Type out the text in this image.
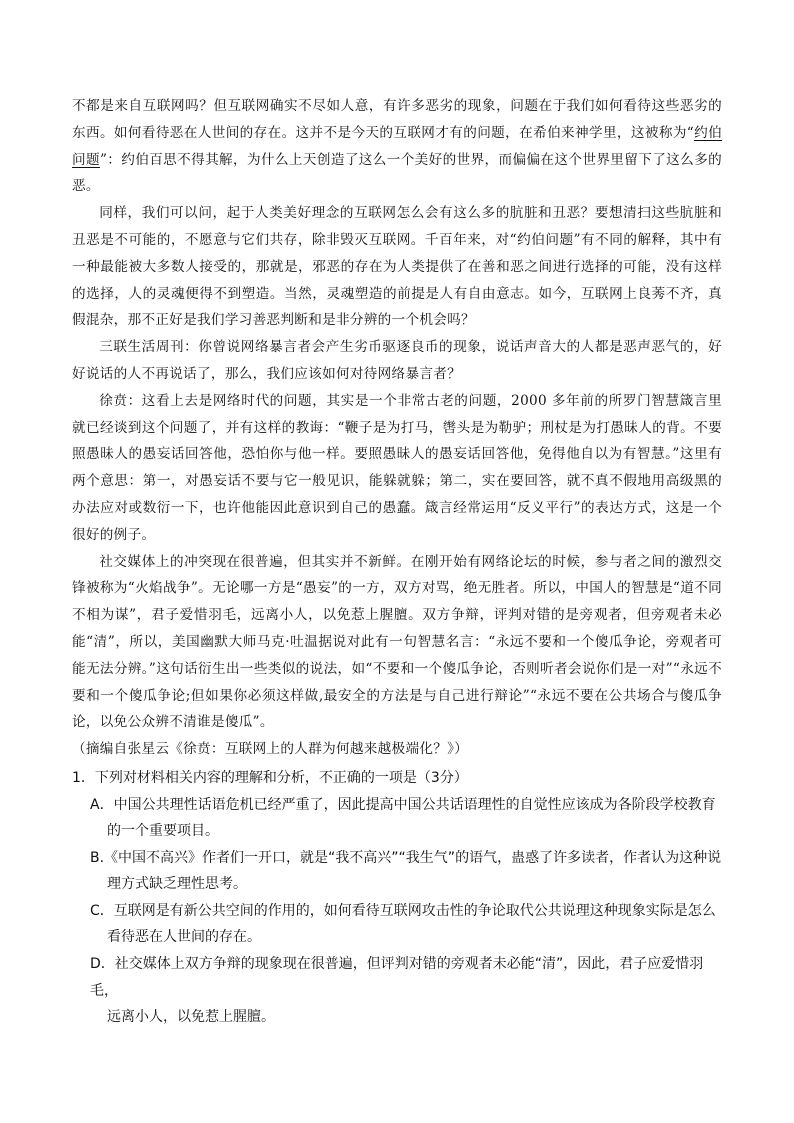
不都是来自互联网吗？但互联网确实不尽如人意，有许多恶劣的现象，问题在于我们如何看待这些恶劣的东西。如何看待恶在人世间的存在。这并不是今天的互联网才有的问题，在希伯来神学里，这被称为“约伯问题”：约伯百思不得其解，为什么上天创造了这么一个美好的世界，而偏偏在这个世界里留下了这么多的恶。

同样，我们可以问，起于人类美好理念的互联网怎么会有这么多的肮脏和丑恶？要想清扫这些肮脏和丑恶是不可能的，不愿意与它们共存，除非毁灭互联网。千百年来，对“约伯问题”有不同的解释，其中有一种最能被大多数人接受的，那就是，邪恶的存在为人类提供了在善和恶之间进行选择的可能，没有这样的选择，人的灵魂便得不到塑造。当然，灵魂塑造的前提是人有自由意志。如今，互联网上良莠不齐，真假混杂，那不正好是我们学习善恶判断和是非分辨的一个机会吗？

三联生活周刊：你曾说网络暴言者会产生劣币驱逐良币的现象，说话声音大的人都是恶声恶气的，好好说话的人不再说话了，那么，我们应该如何对待网络暴言者？

徐贲：这看上去是网络时代的问题，其实是一个非常古老的问题，2000 多年前的所罗门智慧箴言里就已经谈到这个问题了，并有这样的教诲：“鞭子是为打马，辔头是为勒驴；刑杖是为打愚昧人的背。不要照愚昧人的愚妄话回答他，恐怕你与他一样。要照愚昧人的愚妄话回答他，免得他自以为有智慧。”这里有两个意思：第一，对愚妄话不要与它一般见识，能躲就躲；第二，实在要回答，就不真不假地用高级黑的办法应对或数衍一下，也许他能因此意识到自己的愚蠢。箴言经常运用“反义平行”的表达方式，这是一个很好的例子。

社交媒体上的冲突现在很普遍，但其实并不新鲜。在刚开始有网络论坛的时候，参与者之间的激烈交锋被称为“火焰战争”。无论哪一方是“愚妄”的一方，双方对骂，绝无胜者。所以，中国人的智慧是“道不同不相为谋”，君子爱惜羽毛，远离小人，以免惹上腥膻。双方争辩，评判对错的是旁观者，但旁观者未必能“清”，所以，美国幽默大师马克·吐温据说对此有一句智慧名言：“永远不要和一个傻瓜争论，旁观者可能无法分辨。”这句话衍生出一些类似的说法，如“不要和一个傻瓜争论，否则听者会说你们是一对”“永远不要和一个傻瓜争论;但如果你必须这样做,最安全的方法是与自己进行辩论”“永远不要在公共场合与傻瓜争论，以免公众辨不清谁是傻瓜”。

（摘编自张星云《徐贲：互联网上的人群为何越来越极端化？》）

1．下列对材料相关内容的理解和分析，不正确的一项是（3分）

A．中国公共理性话语危机已经严重了，因此提高中国公共话语理性的自觉性应该成为各阶段学校教育
的一个重要项目。

B.《中国不高兴》作者们一开口，就是“我不高兴”“我生气”的语气，蛊惑了许多读者，作者认为这种说
理方式缺乏理性思考。

C．互联网是有新公共空间的作用的，如何看待互联网攻击性的争论取代公共说理这种现象实际是怎么
看待恶在人世间的存在。

D．社交媒体上双方争辩的现象现在很普遍，但评判对错的旁观者未必能“清”，因此，君子应爱惜羽毛，
远离小人，以免惹上腥膻。
